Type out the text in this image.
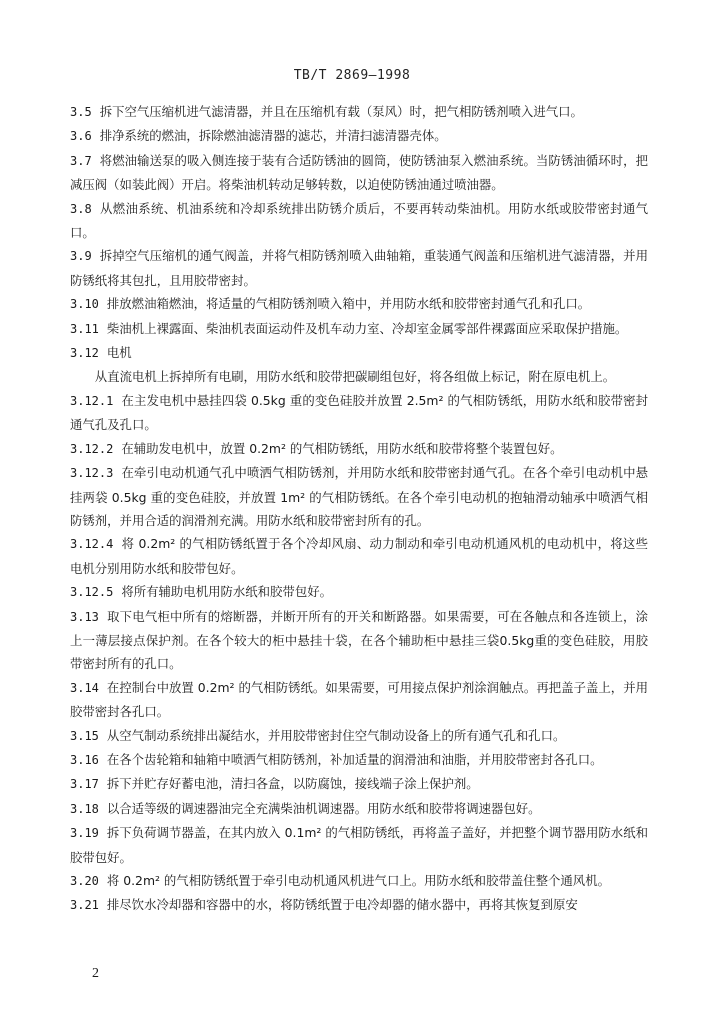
TB/T 2869—1998

3.5 拆下空气压缩机进气滤清器，并且在压缩机有载（泵风）时，把气相防锈剂喷入进气口。

3.6 排净系统的燃油，拆除燃油滤清器的滤芯，并清扫滤清器壳体。

3.7 将燃油输送泵的吸入侧连接于装有合适防锈油的圆筒，使防锈油泵入燃油系统。当防锈油循环时，把减压阀（如装此阀）开启。将柴油机转动足够转数，以迫使防锈油通过喷油器。

3.8 从燃油系统、机油系统和冷却系统排出防锈介质后，不要再转动柴油机。用防水纸或胶带密封通气口。

3.9 拆掉空气压缩机的通气阀盖，并将气相防锈剂喷入曲轴箱，重装通气阀盖和压缩机进气滤清器，并用防锈纸将其包扎，且用胶带密封。

3.10 排放燃油箱燃油，将适量的气相防锈剂喷入箱中，并用防水纸和胶带密封通气孔和孔口。

3.11 柴油机上裸露面、柴油机表面运动件及机车动力室、冷却室金属零部件裸露面应采取保护措施。

3.12 电机

从直流电机上拆掉所有电刷，用防水纸和胶带把碳刷组包好，将各组做上标记，附在原电机上。

3.12.1 在主发电机中悬挂四袋 0.5kg 重的变色硅胶并放置 2.5m² 的气相防锈纸，用防水纸和胶带密封通气孔及孔口。

3.12.2 在辅助发电机中，放置 0.2m² 的气相防锈纸，用防水纸和胶带将整个装置包好。

3.12.3 在牵引电动机通气孔中喷洒气相防锈剂，并用防水纸和胶带密封通气孔。在各个牵引电动机中悬挂两袋 0.5kg 重的变色硅胶，并放置 1m² 的气相防锈纸。在各个牵引电动机的抱轴滑动轴承中喷洒气相防锈剂，并用合适的润滑剂充满。用防水纸和胶带密封所有的孔。

3.12.4 将 0.2m² 的气相防锈纸置于各个冷却风扇、动力制动和牵引电动机通风机的电动机中，将这些电机分别用防水纸和胶带包好。

3.12.5 将所有辅助电机用防水纸和胶带包好。

3.13 取下电气柜中所有的熔断器，并断开所有的开关和断路器。如果需要，可在各触点和各连锁上，涂上一薄层接点保护剂。在各个较大的柜中悬挂十袋，在各个辅助柜中悬挂三袋0.5kg重的变色硅胶，用胶带密封所有的孔口。

3.14 在控制台中放置 0.2m² 的气相防锈纸。如果需要，可用接点保护剂涂润触点。再把盖子盖上，并用胶带密封各孔口。

3.15 从空气制动系统排出凝结水，并用胶带密封住空气制动设备上的所有通气孔和孔口。

3.16 在各个齿轮箱和轴箱中喷洒气相防锈剂，补加适量的润滑油和油脂，并用胶带密封各孔口。

3.17 拆下并贮存好蓄电池，清扫各盒，以防腐蚀，接线端子涂上保护剂。

3.18 以合适等级的调速器油完全充满柴油机调速器。用防水纸和胶带将调速器包好。

3.19 拆下负荷调节器盖，在其内放入 0.1m² 的气相防锈纸，再将盖子盖好，并把整个调节器用防水纸和胶带包好。

3.20 将 0.2m² 的气相防锈纸置于牵引电动机通风机进气口上。用防水纸和胶带盖住整个通风机。

3.21 排尽饮水冷却器和容器中的水，将防锈纸置于电冷却器的储水器中，再将其恢复到原安

2
